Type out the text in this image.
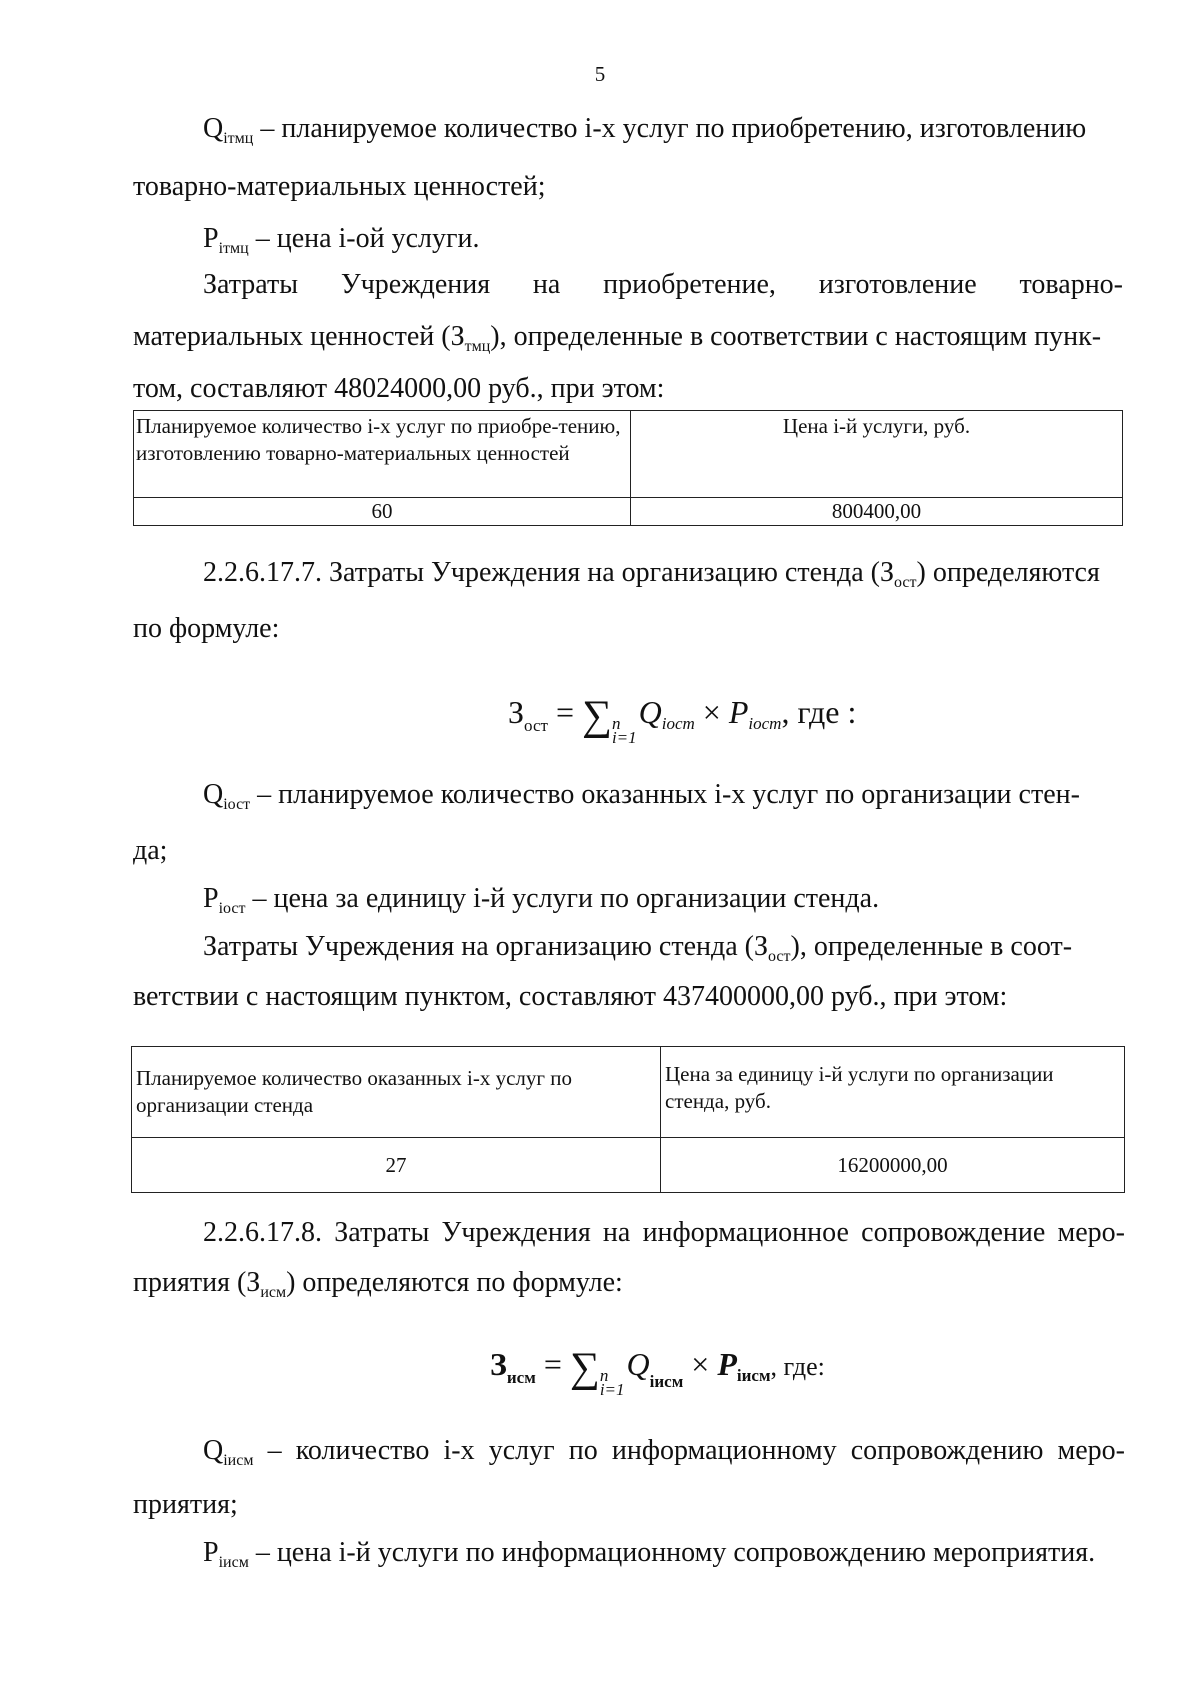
5
$Q_{iтмц}$ – планируемое количество i-х услуг по приобретению, изготовлению
товарно-материальных ценностей;
$P_{iтмц}$ – цена i-ой услуги.
Затраты Учреждения на приобретение, изготовление товарно-
материальных ценностей $(З_{тмц})$, определенные в соответствии с настоящим пунк-
том, составляют 48024000,00 руб., при этом:
Планируемое количество i-х услуг по приобре-тению, изготовлению товарно-материальных ценностей	Цена i-й услуги, руб.
60	800400,00
2.2.6.17.7. Затраты Учреждения на организацию стенда $(З_{ост})$ определяются
по формуле:
$З_{ост}$ = ∑ n
i=1
Qiост × Piост, где :
$Q_{iост}$ – планируемое количество оказанных i-х услуг по организации стен-
да;
$P_{iост}$ – цена за единицу i-й услуги по организации стенда.
Затраты Учреждения на организацию стенда $(З_{ост})$, определенные в соот-
ветствии с настоящим пунктом, составляют 437400000,00 руб., при этом:
Планируемое количество оказанных i-х услуг по организации стенда	Цена за единицу i-й услуги по организации стенда, руб.
27	16200000,00
2.2.6.17.8. Затраты Учреждения на информационное сопровождение меро-
приятия $(З_{исм})$ определяются по формуле:
$З_{исм}$ = ∑ n
i=1
$Q_{iисм}$ × Piисм, где:
$Q_{iисм}$ – количество i-х услуг по информационному сопровождению меро-
приятия;
$P_{iисм}$ – цена i-й услуги по информационному сопровождению мероприятия.
